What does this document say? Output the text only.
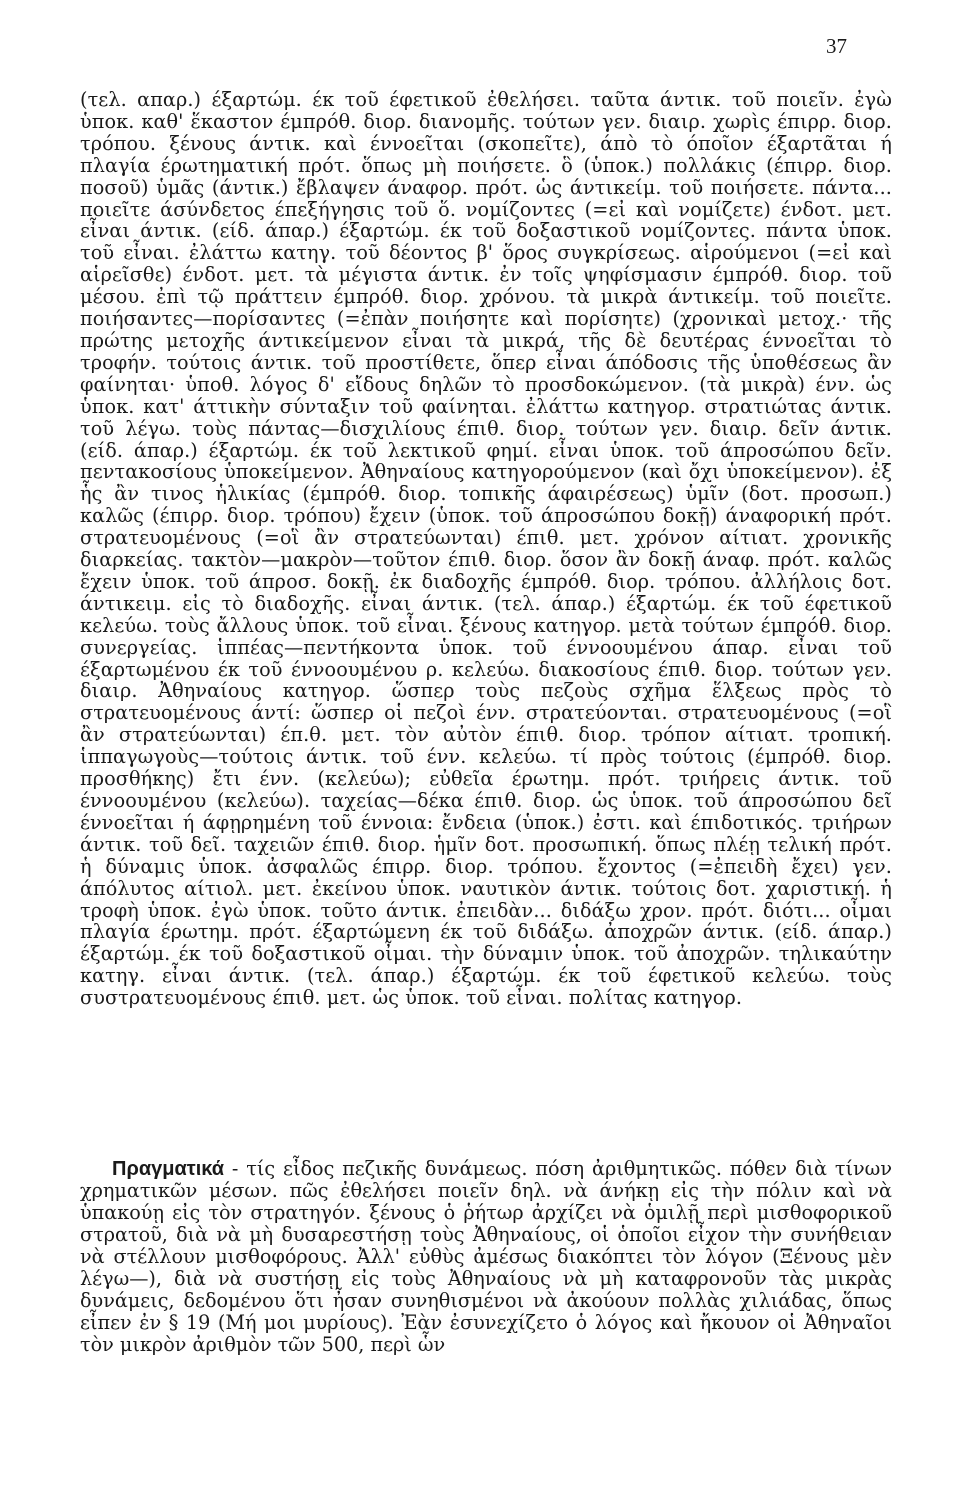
37

(τελ. απαρ.) έξαρτώμ. έκ τοῦ έφετικοῦ ἐθελήσει. ταῦτα άντικ. τοῦ ποιεῖν. ἐγὼ ὑποκ. καθ' ἕκαστον έμπρόθ. διορ. διανομῆς. τούτων γεν. διαιρ. χωρὶς έπιρρ. διορ. τρόπου. ξένους άντικ. καὶ έννοεῖται (σκοπεῖτε), άπὸ τὸ όποῖον έξαρτᾶται ή πλαγία έρωτηματική πρότ. ὅπως μὴ ποιήσετε. ὃ (ὑποκ.) πολλάκις (έπιρρ. διορ. ποσοῦ) ὑμᾶς (άντικ.) ἔβλαψεν άναφορ. πρότ. ὡς άντικείμ. τοῦ ποιήσετε. πάντα... ποιεῖτε άσύνδετος έπεξήγησις τοῦ ὅ. νομίζοντες (=εἰ καὶ νομίζετε) ένδοτ. μετ. εἶναι άντικ. (είδ. άπαρ.) έξαρτώμ. έκ τοῦ δοξαστικοῦ νομίζοντες. πάντα ὑποκ. τοῦ εἶναι. ἐλάττω κατηγ. τοῦ δέοντος β' ὅρος συγκρίσεως. αἱρούμενοι (=εἰ καὶ αἱρεῖσθε) ένδοτ. μετ. τὰ μέγιστα άντικ. ἐν τοῖς ψηφίσμασιν έμπρόθ. διορ. τοῦ μέσου. ἐπὶ τῷ πράττειν έμπρόθ. διορ. χρόνου. τὰ μικρὰ άντικείμ. τοῦ ποιεῖτε. ποιήσαντες—πορίσαντες (=ἐπὰν ποιήσητε καὶ πορίσητε) (χρονικαὶ μετοχ.· τῆς πρώτης μετοχῆς άντικείμενον εἶναι τὰ μικρά, τῆς δὲ δευτέρας έννοεῖται τὸ τροφήν. τούτοις άντικ. τοῦ προστίθετε, ὅπερ εἶναι άπόδοσις τῆς ὑποθέσεως ἂν φαίνηται· ὑποθ. λόγος δ' εἴδους δηλῶν τὸ προσδοκώμενον. (τὰ μικρὰ) ένν. ὡς ὑποκ. κατ' άττικὴν σύνταξιν τοῦ φαίνηται. ἐλάττω κατηγορ. στρατιώτας άντικ. τοῦ λέγω. τοὺς πάντας—δισχιλίους έπιθ. διορ. τούτων γεν. διαιρ. δεῖν άντικ. (είδ. άπαρ.) έξαρτώμ. έκ τοῦ λεκτικοῦ φημί. εἶναι ὑποκ. τοῦ άπροσώπου δεῖν. πεντακοσίους ὑποκείμενον. Ἀθηναίους κατηγορούμενον (καὶ ὄχι ὑποκείμενον). ἐξ ἧς ἂν τινος ἡλικίας (έμπρόθ. διορ. τοπικῆς άφαιρέσεως) ὑμῖν (δοτ. προσωπ.) καλῶς (έπιρρ. διορ. τρόπου) ἔχειν (ὑποκ. τοῦ άπροσώπου δοκῇ) άναφορική πρότ. στρατευομένους (=οἳ ἂν στρατεύωνται) έπιθ. μετ. χρόνον αίτιατ. χρονικῆς διαρκείας. τακτὸν—μακρὸν—τοῦτον έπιθ. διορ. ὅσον ἂν δοκῇ άναφ. πρότ. καλῶς ἔχειν ὑποκ. τοῦ άπροσ. δοκῇ. ἐκ διαδοχῆς έμπρόθ. διορ. τρόπου. ἀλλήλοις δοτ. άντικειμ. εἰς τὸ διαδοχῆς. εἶναι άντικ. (τελ. άπαρ.) έξαρτώμ. έκ τοῦ έφετικοῦ κελεύω. τοὺς ἄλλους ὑποκ. τοῦ εἶναι. ξένους κατηγορ. μετὰ τούτων έμπρόθ. διορ. συνεργείας. ἱππέας—πεντήκοντα ὑποκ. τοῦ έννοουμένου άπαρ. εἶναι τοῦ έξαρτωμένου έκ τοῦ έννοουμένου ρ. κελεύω. διακοσίους έπιθ. διορ. τούτων γεν. διαιρ. Ἀθηναίους κατηγορ. ὥσπερ τοὺς πεζοὺς σχῆμα ἕλξεως πρὸς τὸ στρατευομένους άντί: ὥσπερ οἱ πεζοὶ ένν. στρατεύονται. στρατευομένους (=οἳ ἂν στρατεύωνται) έπ.θ. μετ. τὸν αὐτὸν έπιθ. διορ. τρόπον αίτιατ. τροπική. ἱππαγωγοὺς—τούτοις άντικ. τοῦ ένν. κελεύω. τί πρὸς τούτοις (έμπρόθ. διορ. προσθήκης) ἔτι ένν. (κελεύω); εὐθεῖα έρωτημ. πρότ. τριήρεις άντικ. τοῦ έννοουμένου (κελεύω). ταχείας—δέκα έπιθ. διορ. ὡς ὑποκ. τοῦ άπροσώπου δεῖ έννοεῖται ή άφῃρημένη τοῦ έννοια: ἔνδεια (ὑποκ.) ἐστι. καὶ έπιδοτικός. τριήρων άντικ. τοῦ δεῖ. ταχειῶν έπιθ. διορ. ἡμῖν δοτ. προσωπική. ὅπως πλέῃ τελική πρότ. ἡ δύναμις ὑποκ. ἀσφαλῶς έπιρρ. διορ. τρόπου. ἔχοντος (=ἐπειδὴ ἔχει) γεν. άπόλυτος αίτιολ. μετ. ἐκείνου ὑποκ. ναυτικὸν άντικ. τούτοις δοτ. χαριστική. ἡ τροφὴ ὑποκ. ἐγὼ ὑποκ. τοῦτο άντικ. ἐπειδὰν... διδάξω χρον. πρότ. διότι... οἶμαι πλαγία έρωτημ. πρότ. έξαρτώμενη έκ τοῦ διδάξω. ἀποχρῶν άντικ. (είδ. άπαρ.) έξαρτώμ. έκ τοῦ δοξαστικοῦ οἶμαι. τὴν δύναμιν ὑποκ. τοῦ ἀποχρῶν. τηλικαύτην κατηγ. εἶναι άντικ. (τελ. άπαρ.) έξαρτώμ. έκ τοῦ έφετικοῦ κελεύω. τοὺς συστρατευομένους έπιθ. μετ. ὡς ὑποκ. τοῦ εἶναι. πολίτας κατηγορ.

Πραγματικά - τίς εἶδος πεζικῆς δυνάμεως. πόση ἀριθμητικῶς. πόθεν διὰ τίνων χρηματικῶν μέσων. πῶς ἐθελήσει ποιεῖν δηλ. νὰ άνήκῃ εἰς τὴν πόλιν καὶ νὰ ὑπακούῃ εἰς τὸν στρατηγόν. ξένους ὁ ῥήτωρ ἀρχίζει νὰ ὁμιλῇ περὶ μισθοφορικοῦ στρατοῦ, διὰ νὰ μὴ δυσαρεστήσῃ τοὺς Ἀθηναίους, οἱ ὁποῖοι εἶχον τὴν συνήθειαν νὰ στέλλουν μισθοφόρους. Ἀλλ' εὐθὺς ἀμέσως διακόπτει τὸν λόγον (Ξένους μὲν λέγω—), διὰ νὰ συστήσῃ εἰς τοὺς Ἀθηναίους νὰ μὴ καταφρονοῦν τὰς μικρὰς δυνάμεις, δεδομένου ὅτι ἦσαν συνηθισμένοι νὰ ἀκούουν πολλὰς χιλιάδας, ὅπως εἶπεν ἐν § 19 (Μή μοι μυρίους). Ἐὰν ἐσυνεχίζετο ὁ λόγος καὶ ἤκουον οἱ Ἀθηναῖοι τὸν μικρὸν ἀριθμὸν τῶν 500, περὶ ὧν
